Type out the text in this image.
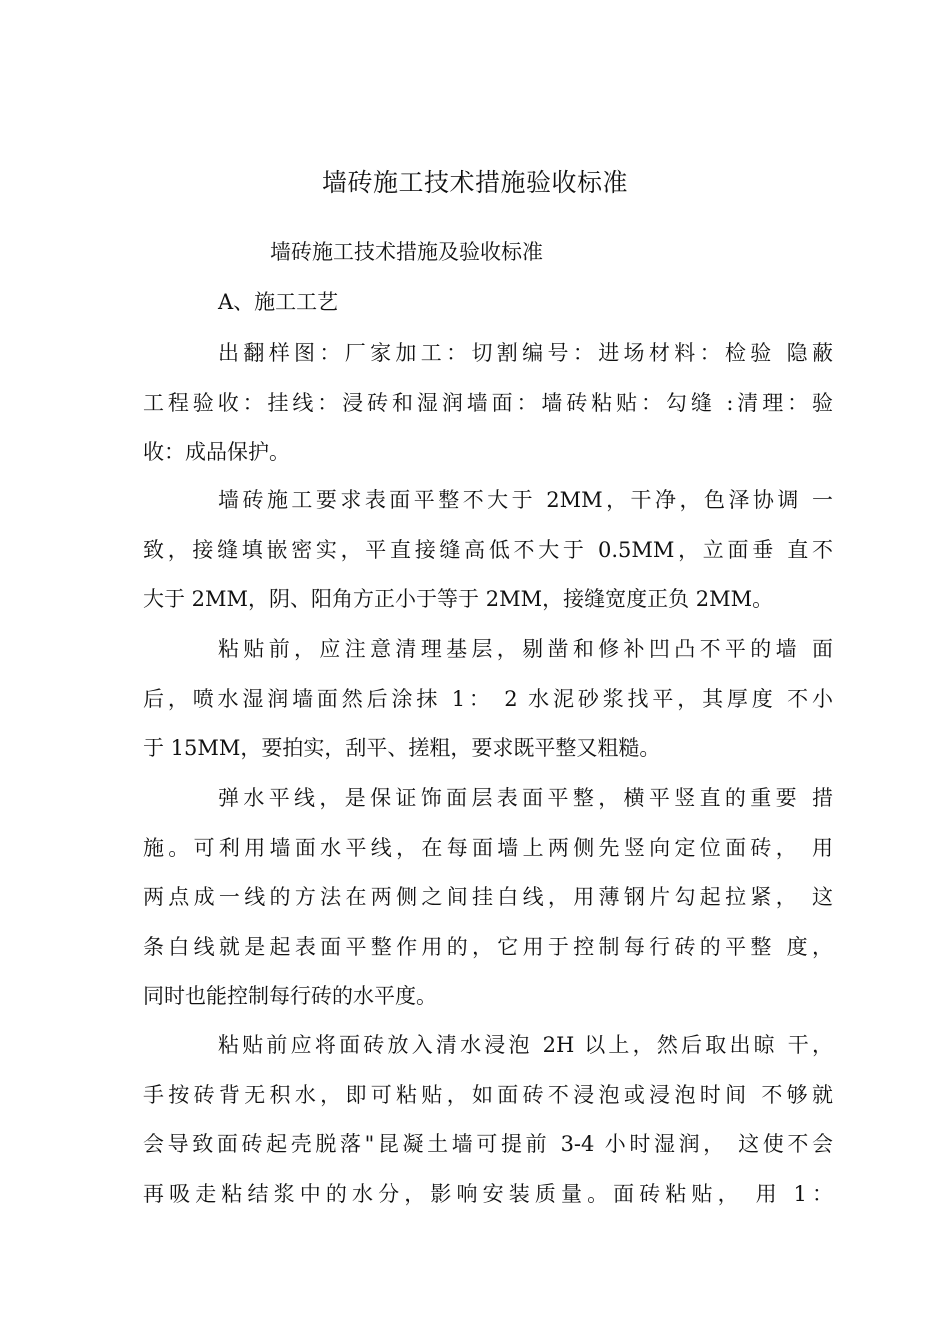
墙砖施工技术措施验收标准
墙砖施工技术措施及验收标准
A、施工工艺
出翻样图：厂家加工：切割编号：进场材料：检验 隐蔽
工程验收：挂线：浸砖和湿润墙面：墙砖粘贴：勾缝 :清理：验
收：成品保护。
墙砖施工要求表面平整不大于 2MM，干净，色泽协调 一
致，接缝填嵌密实，平直接缝高低不大于 0.5MM，立面垂 直不
大于 2MM，阴、阳角方正小于等于 2MM，接缝宽度正负 2MM。
粘贴前，应注意清理基层，剔凿和修补凹凸不平的墙 面
后，喷水湿润墙面然后涂抹 1： 2 水泥砂浆找平，其厚度 不小
于 15MM，要拍实，刮平、搓粗，要求既平整又粗糙。
弹水平线，是保证饰面层表面平整，横平竖直的重要 措
施。可利用墙面水平线，在每面墙上两侧先竖向定位面砖， 用
两点成一线的方法在两侧之间挂白线，用薄钢片勾起拉紧， 这
条白线就是起表面平整作用的，它用于控制每行砖的平整 度，
同时也能控制每行砖的水平度。
粘贴前应将面砖放入清水浸泡 2H 以上，然后取出晾 干，
手按砖背无积水，即可粘贴，如面砖不浸泡或浸泡时间 不够就
会导致面砖起壳脱落"昆凝土墙可提前 3-4 小时湿润， 这使不会
再吸走粘结浆中的水分，影响安装质量。面砖粘贴， 用 1：
